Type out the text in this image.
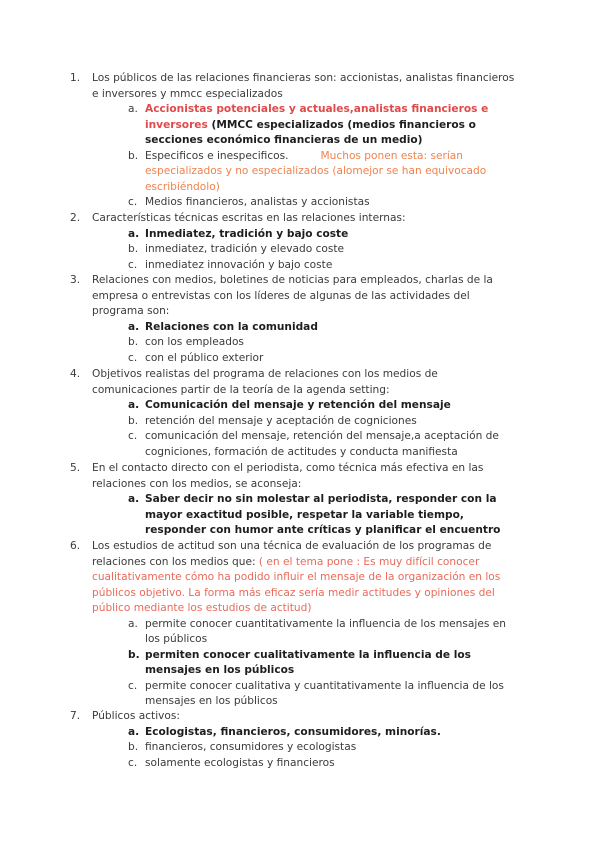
1. Los públicos de las relaciones financieras son: accionistas, analistas financieros e inversores y mmcc especializados
a. Accionistas potenciales y actuales,analistas financieros e inversores (MMCC especializados (medios financieros o secciones económico financieras de un medio)
b. Especificos e inespecificos.	Muchos ponen esta: serían especializados y no especializados (alomejor se han equivocado escribiéndolo)
c. Medios financieros, analistas y accionistas
2. Características técnicas escritas en las relaciones internas:
a. Inmediatez, tradición y bajo coste
b. inmediatez, tradición y elevado coste
c. inmediatez innovación y bajo coste
3. Relaciones con medios, boletines de noticias para empleados, charlas de la empresa o entrevistas con los líderes de algunas de las actividades del programa son:
a. Relaciones con la comunidad
b. con los empleados
c. con el público exterior
4. Objetivos realistas del programa de relaciones con los medios de comunicaciones partir de la teoría de la agenda setting:
a. Comunicación del mensaje y retención del mensaje
b. retención del mensaje y aceptación de cogniciones
c. comunicación del mensaje, retención del mensaje,a aceptación de cogniciones, formación de actitudes y conducta manifiesta
5. En el contacto directo con el periodista, como técnica más efectiva en las relaciones con los medios, se aconseja:
a. Saber decir no sin molestar al periodista, responder con la mayor exactitud posible, respetar la variable tiempo, responder con humor ante críticas y planificar el encuentro
6. Los estudios de actitud son una técnica de evaluación de los programas de relaciones con los medios que: ( en el tema pone : Es muy difícil conocer cualitativamente cómo ha podido influir el mensaje de la organización en los públicos objetivo. La forma más eficaz sería medir actitudes y opiniones del público mediante los estudios de actitud)
a. permite conocer cuantitativamente la influencia de los mensajes en los públicos
b. permiten conocer cualitativamente la influencia de los mensajes en los públicos
c. permite conocer cualitativa y cuantitativamente la influencia de los mensajes en los públicos
7. Públicos activos:
a. Ecologistas, financieros, consumidores, minorías.
b. financieros, consumidores y ecologistas
c. solamente ecologistas y financieros
